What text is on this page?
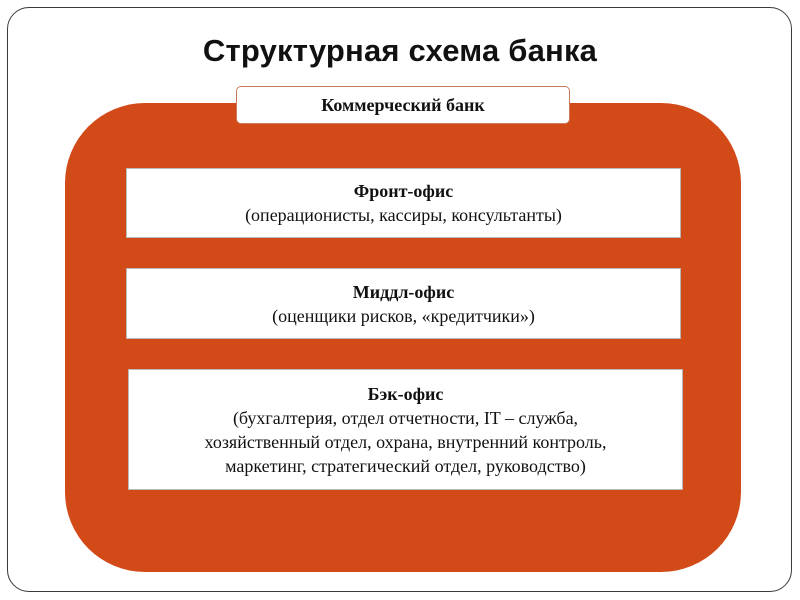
Структурная схема банка
Коммерческий банк
Фронт-офис
(операционисты, кассиры, консультанты)
Миддл-офис
(оценщики рисков, «кредитчики»)
Бэк-офис
(бухгалтерия, отдел отчетности, IT – служба,
хозяйственный отдел, охрана, внутренний контроль,
маркетинг, стратегический отдел, руководство)
